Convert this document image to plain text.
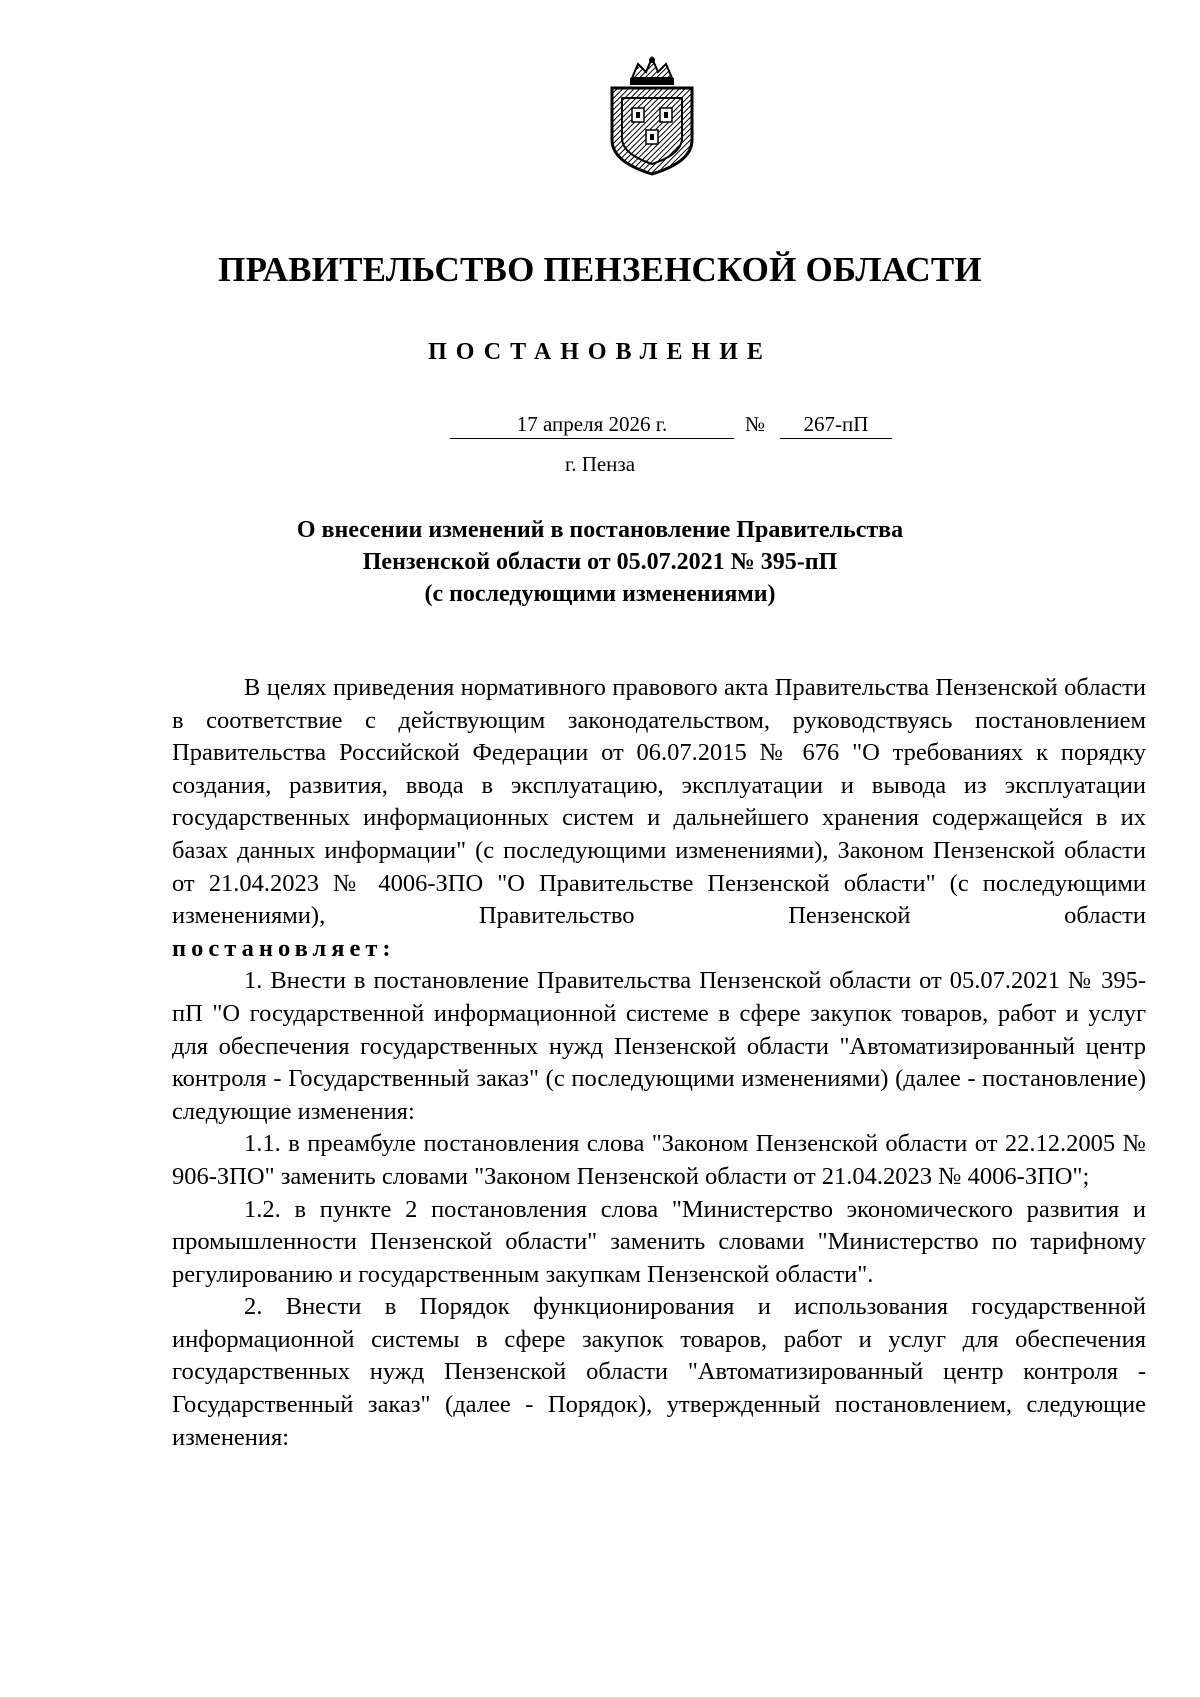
ПРАВИТЕЛЬСТВО ПЕНЗЕНСКОЙ ОБЛАСТИ
ПОСТАНОВЛЕНИЕ
17 апреля 2026 г.	№	267-пП
г. Пенза
О внесении изменений в постановление Правительства
Пензенской области от 05.07.2021 № 395-пП
(с последующими изменениями)

В целях приведения нормативного правового акта Правительства Пензенской области в соответствие с действующим законодательством, руководствуясь постановлением Правительства Российской Федерации от 06.07.2015 № 676 "О требованиях к порядку создания, развития, ввода в эксплуатацию, эксплуатации и вывода из эксплуатации государственных информационных систем и дальнейшего хранения содержащейся в их базах данных информации" (с последующими изменениями), Законом Пензенской области от 21.04.2023 № 4006-ЗПО "О Правительстве Пензенской области" (с последующими изменениями), Правительство Пензенской области

постановляет:

1. Внести в постановление Правительства Пензенской области от 05.07.2021 № 395-пП "О государственной информационной системе в сфере закупок товаров, работ и услуг для обеспечения государственных нужд Пензенской области "Автоматизированный центр контроля - Государственный заказ" (с последующими изменениями) (далее - постановление) следующие изменения:

1.1. в преамбуле постановления слова "Законом Пензенской области от 22.12.2005 № 906-ЗПО" заменить словами "Законом Пензенской области от 21.04.2023 № 4006-ЗПО";

1.2. в пункте 2 постановления слова "Министерство экономического развития и промышленности Пензенской области" заменить словами "Министерство по тарифному регулированию и государственным закупкам Пензенской области".

2. Внести в Порядок функционирования и использования государственной информационной системы в сфере закупок товаров, работ и услуг для обеспечения государственных нужд Пензенской области "Автоматизированный центр контроля - Государственный заказ" (далее - Порядок), утвержденный постановлением, следующие изменения:
